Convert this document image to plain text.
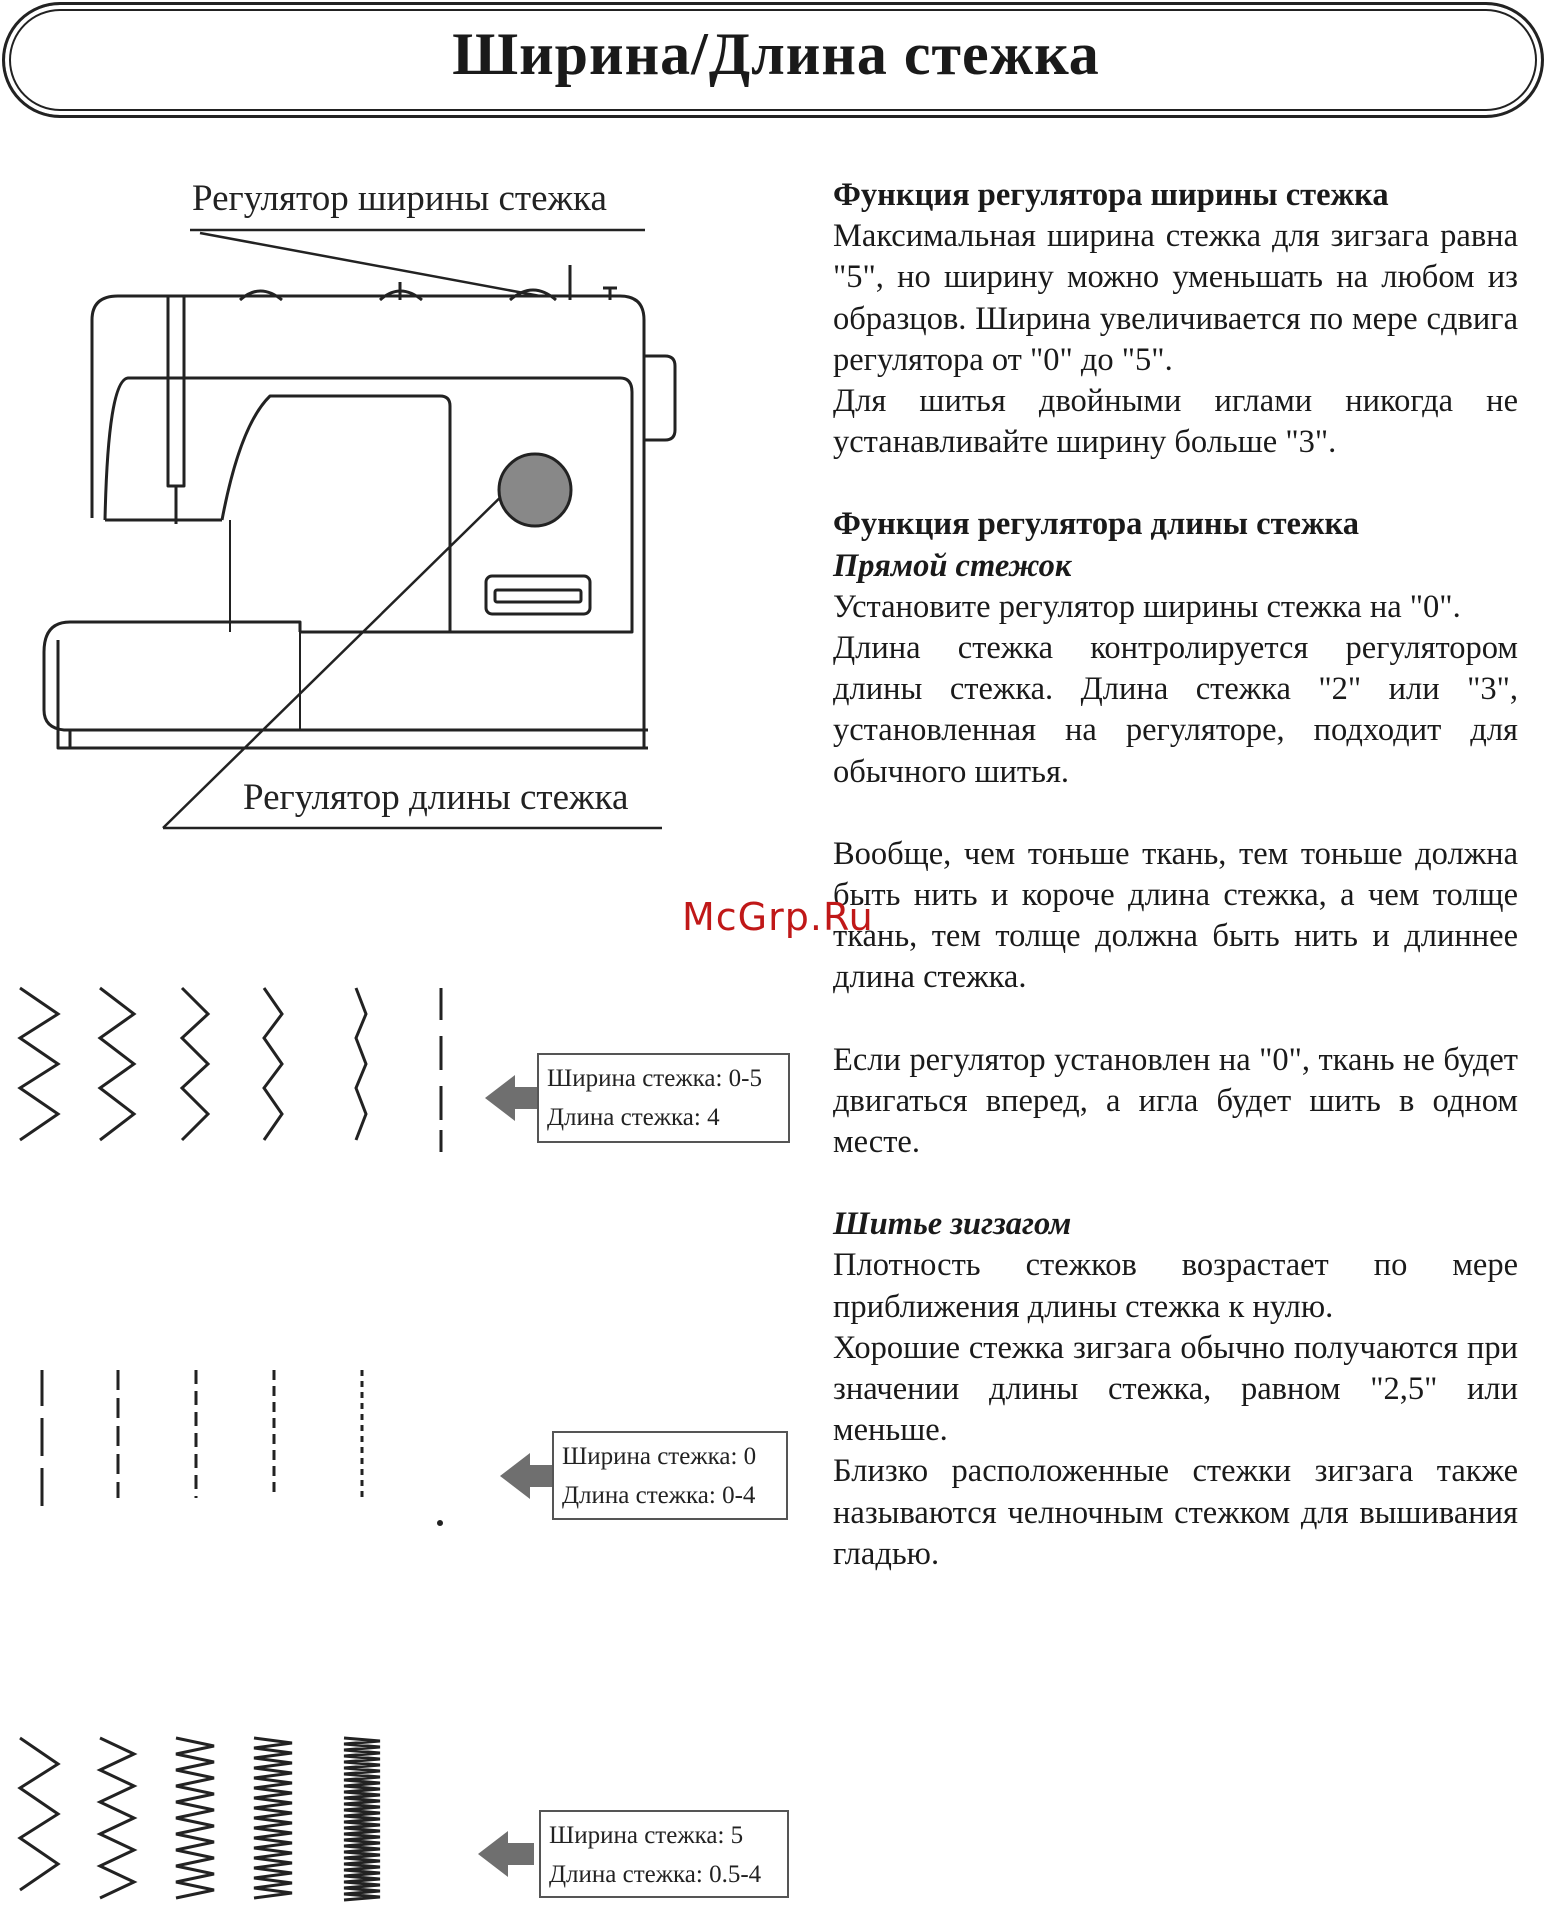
Ширина/Длина стежка
Регулятор ширины стежка
Регулятор длины стежка

Функция регулятора ширины стежка

Максимальная ширина стежка для зигзага равна "5", но ширину можно уменьшать на любом из образцов. Ширина увеличивается по мере сдвига регулятора от "0" до "5".

Для шитья двойными иглами никогда не устанавливайте ширину больше "3".

Функция регулятора длины стежка

Прямой стежок

Установите регулятор ширины стежка на "0".

Длина стежка контролируется регулятором длины стежка. Длина стежка "2" или "3", установленная на регуляторе, подходит для обычного шитья.

Вообще, чем тоньше ткань, тем тоньше должна быть нить и короче длина стежка, а чем толще ткань, тем толще должна быть нить и длиннее длина стежка.

Если регулятор установлен на "0", ткань не будет двигаться вперед, а игла будет шить в одном месте.

Шитье зигзагом

Плотность стежков возрастает по мере приближения длины стежка к нулю.

Хорошие стежка зигзага обычно получаются при значении длины стежка, равном "2,5" или меньше.

Близко расположенные стежки зигзага также называются челночным стежком для вышивания гладью.

McGrp.Ru
Ширина стежка: 0-5
Длина стежка: 4
Ширина стежка: 0
Длина стежка: 0-4
Ширина стежка: 5
Длина стежка: 0.5-4
